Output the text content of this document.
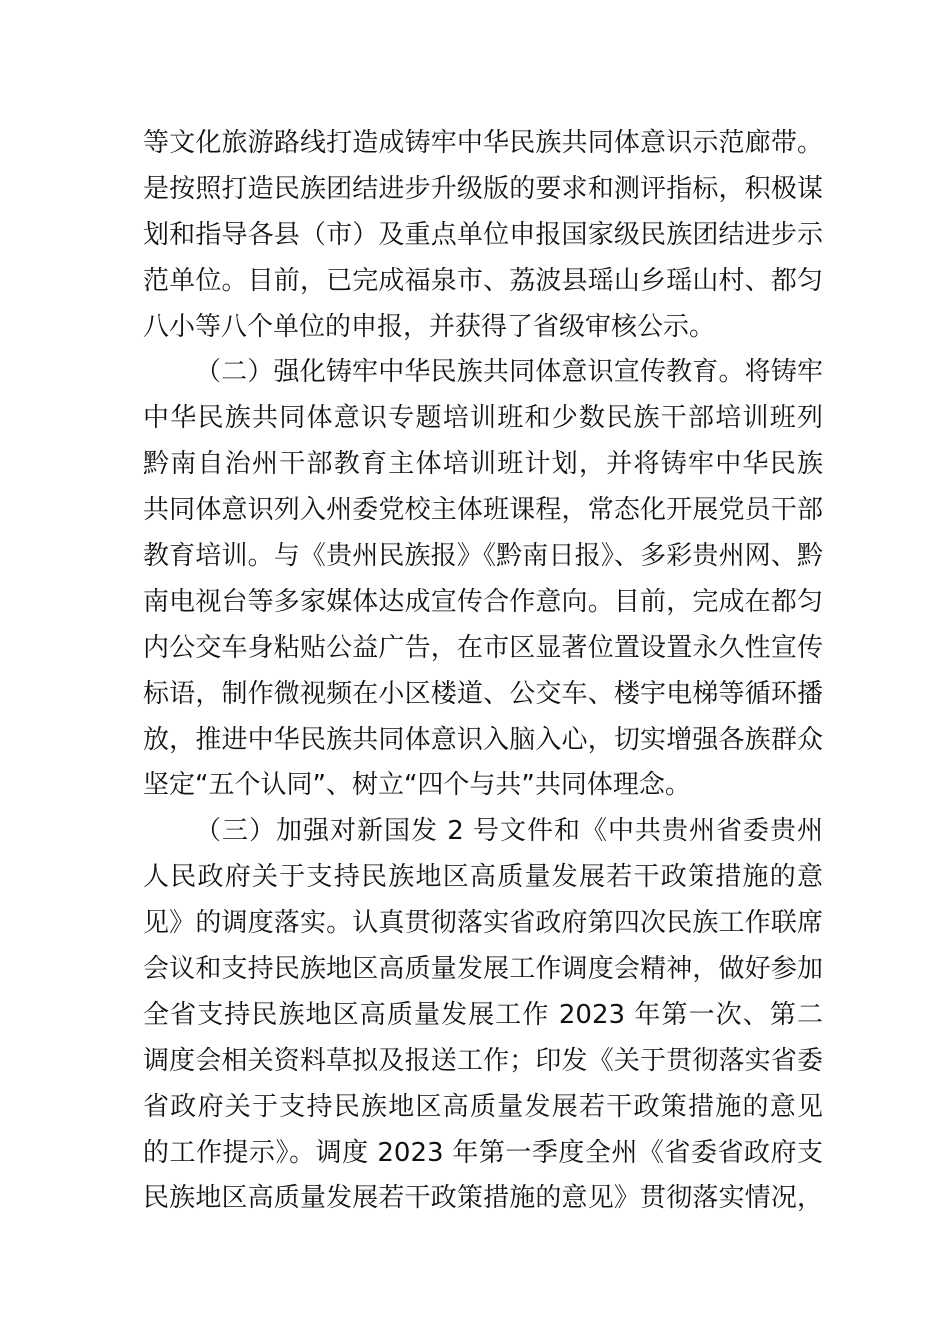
等文化旅游路线打造成铸牢中华民族共同体意识示范廊带。
是按照打造民族团结进步升级版的要求和测评指标，积极谋
划和指导各县（市）及重点单位申报国家级民族团结进步示
范单位。目前，已完成福泉市、荔波县瑶山乡瑶山村、都匀
八小等八个单位的申报，并获得了省级审核公示。
（二）强化铸牢中华民族共同体意识宣传教育。将铸牢
中华民族共同体意识专题培训班和少数民族干部培训班列
黔南自治州干部教育主体培训班计划，并将铸牢中华民族
共同体意识列入州委党校主体班课程，常态化开展党员干部
教育培训。与《贵州民族报》《黔南日报》、多彩贵州网、黔
南电视台等多家媒体达成宣传合作意向。目前，完成在都匀
内公交车身粘贴公益广告，在市区显著位置设置永久性宣传
标语，制作微视频在小区楼道、公交车、楼宇电梯等循环播
放，推进中华民族共同体意识入脑入心，切实增强各族群众
坚定“五个认同”、树立“四个与共”共同体理念。
（三）加强对新国发 2 号文件和《中共贵州省委贵州
人民政府关于支持民族地区高质量发展若干政策措施的意
见》的调度落实。认真贯彻落实省政府第四次民族工作联席
会议和支持民族地区高质量发展工作调度会精神，做好参加
全省支持民族地区高质量发展工作 2023 年第一次、第二
调度会相关资料草拟及报送工作；印发《关于贯彻落实省委
省政府关于支持民族地区高质量发展若干政策措施的意见
的工作提示》。调度 2023 年第一季度全州《省委省政府支
民族地区高质量发展若干政策措施的意见》贯彻落实情况，
